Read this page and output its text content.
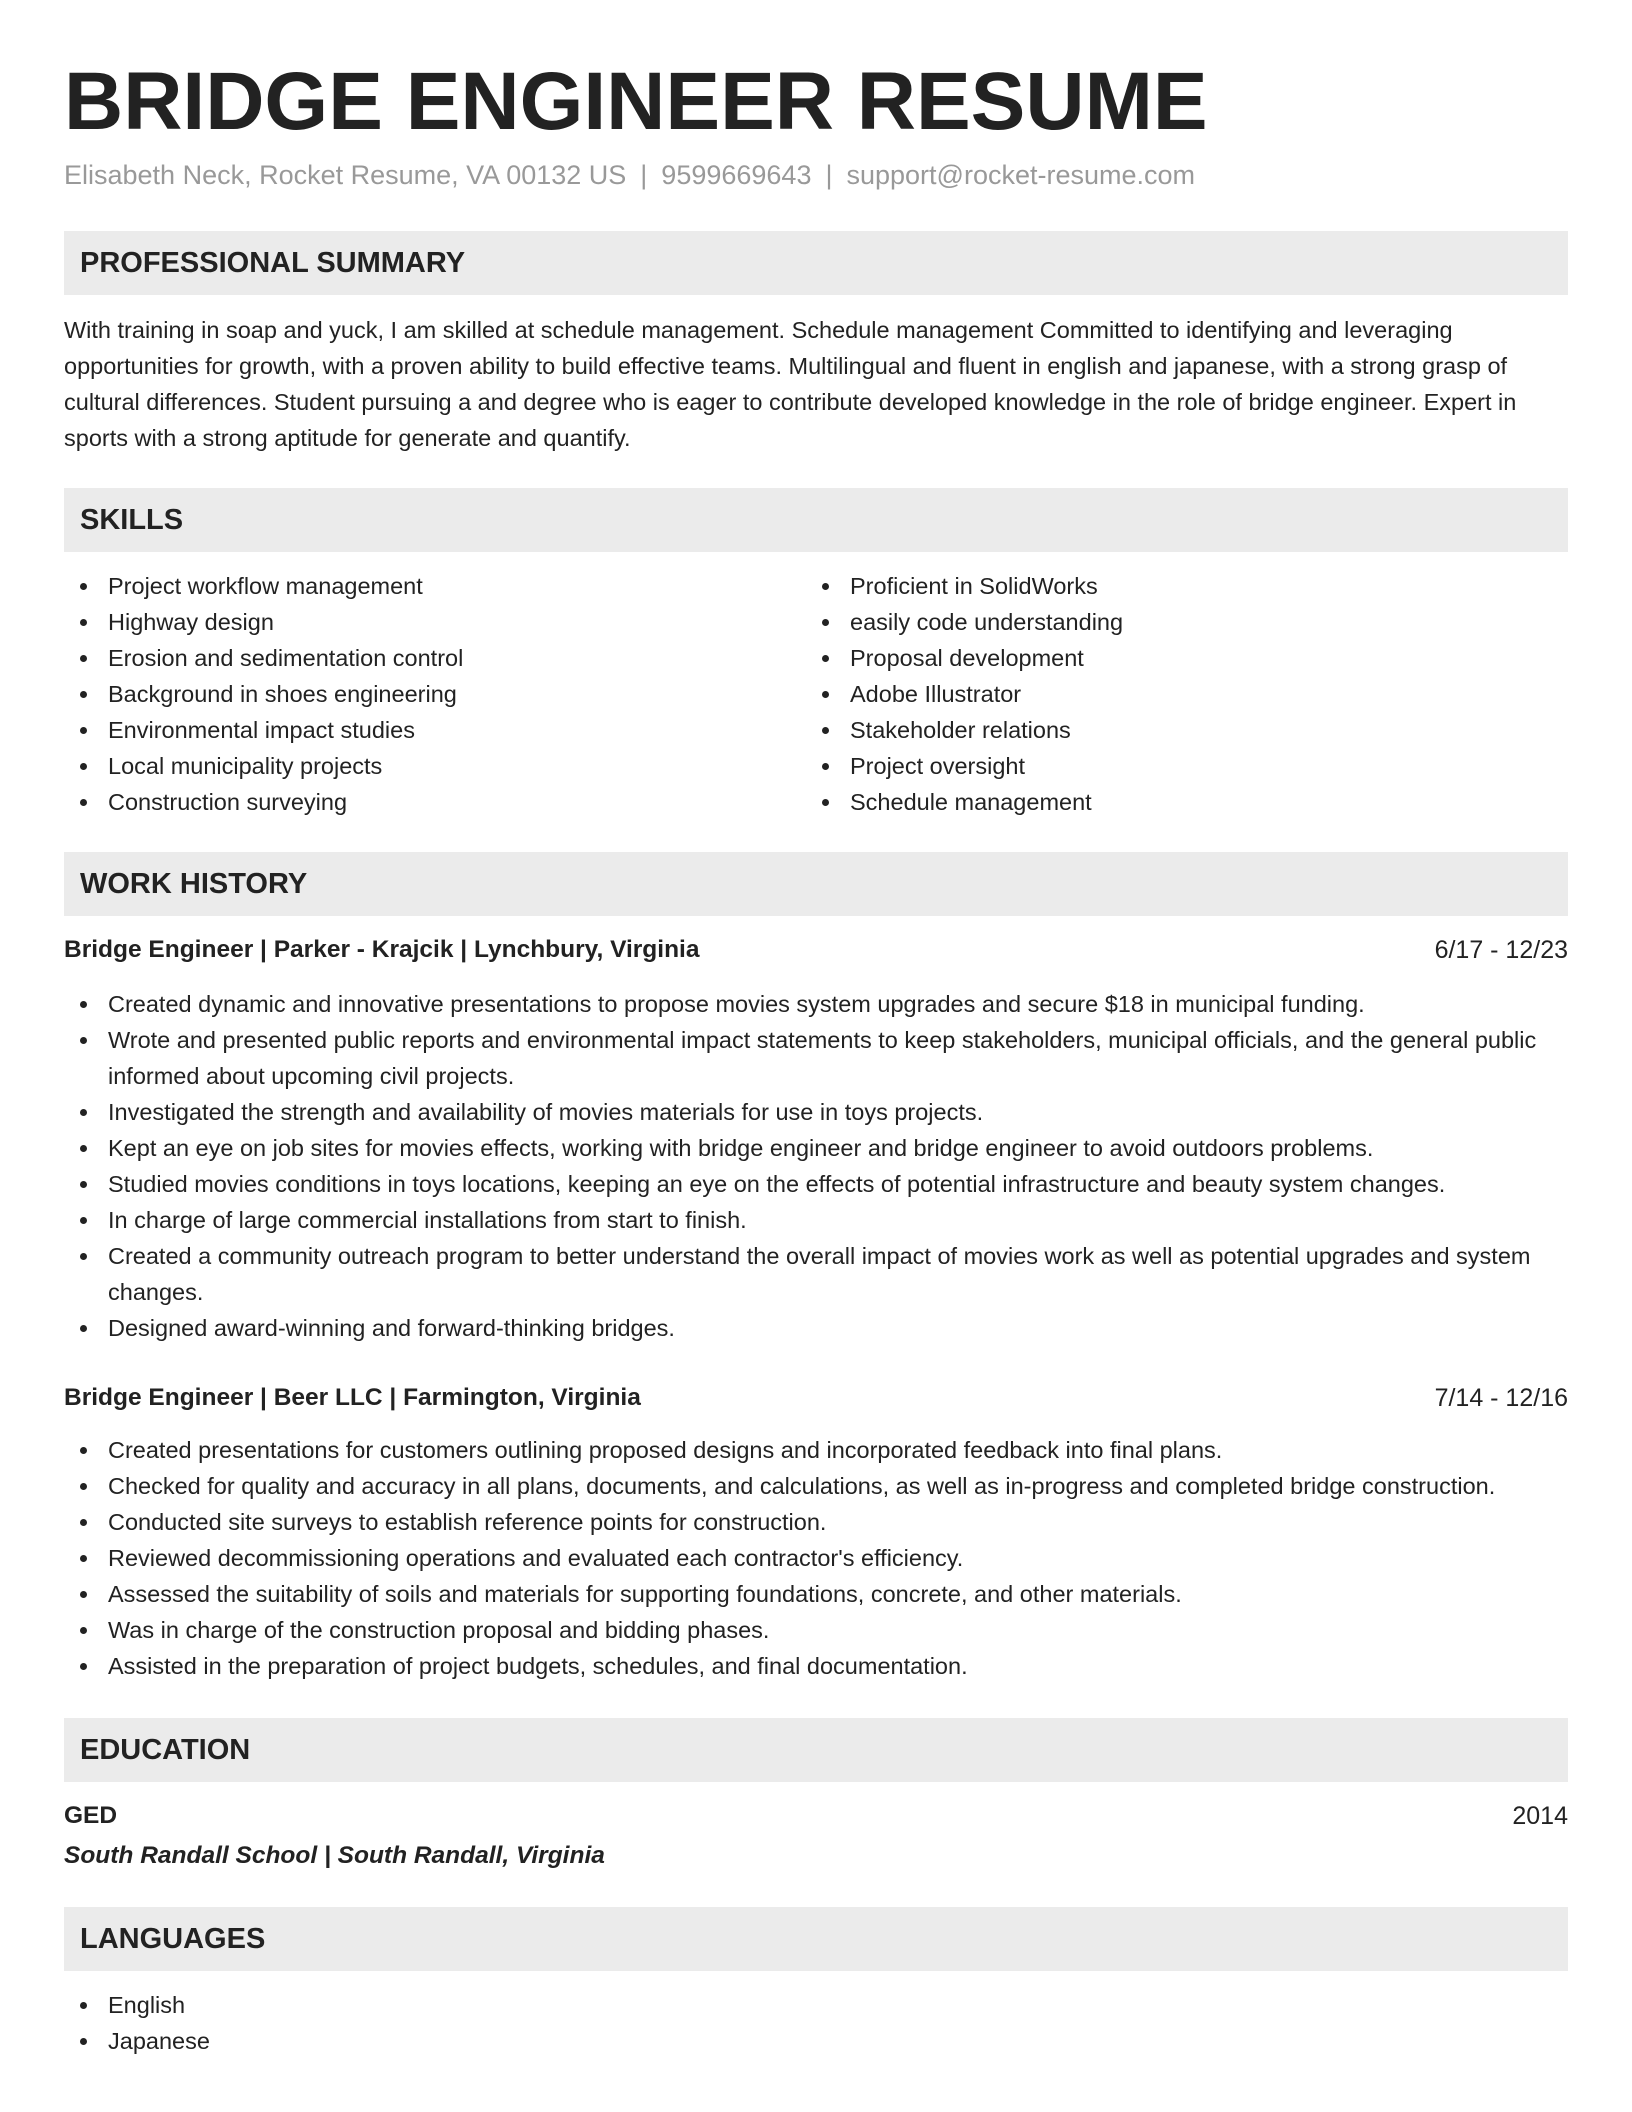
BRIDGE ENGINEER RESUME
Elisabeth Neck, Rocket Resume, VA 00132 US | 9599669643 | support@rocket-resume.com
PROFESSIONAL SUMMARY

With training in soap and yuck, I am skilled at schedule management. Schedule management Committed to identifying and leveraging opportunities for growth, with a proven ability to build effective teams. Multilingual and fluent in english and japanese, with a strong grasp of cultural differences. Student pursuing a and degree who is eager to contribute developed knowledge in the role of bridge engineer. Expert in sports with a strong aptitude for generate and quantify.

SKILLS
Project workflow management
Highway design
Erosion and sedimentation control
Background in shoes engineering
Environmental impact studies
Local municipality projects
Construction surveying
Proficient in SolidWorks
easily code understanding
Proposal development
Adobe Illustrator
Stakeholder relations
Project oversight
Schedule management
WORK HISTORY
Bridge Engineer | Parker - Krajcik | Lynchbury, Virginia	6/17 - 12/23
Created dynamic and innovative presentations to propose movies system upgrades and secure $18 in municipal funding.
Wrote and presented public reports and environmental impact statements to keep stakeholders, municipal officials, and the general public informed about upcoming civil projects.
Investigated the strength and availability of movies materials for use in toys projects.
Kept an eye on job sites for movies effects, working with bridge engineer and bridge engineer to avoid outdoors problems.
Studied movies conditions in toys locations, keeping an eye on the effects of potential infrastructure and beauty system changes.
In charge of large commercial installations from start to finish.
Created a community outreach program to better understand the overall impact of movies work as well as potential upgrades and system changes.
Designed award-winning and forward-thinking bridges.
Bridge Engineer | Beer LLC | Farmington, Virginia	7/14 - 12/16
Created presentations for customers outlining proposed designs and incorporated feedback into final plans.
Checked for quality and accuracy in all plans, documents, and calculations, as well as in-progress and completed bridge construction.
Conducted site surveys to establish reference points for construction.
Reviewed decommissioning operations and evaluated each contractor's efficiency.
Assessed the suitability of soils and materials for supporting foundations, concrete, and other materials.
Was in charge of the construction proposal and bidding phases.
Assisted in the preparation of project budgets, schedules, and final documentation.
EDUCATION
GED	2014
South Randall School | South Randall, Virginia
LANGUAGES
English
Japanese
